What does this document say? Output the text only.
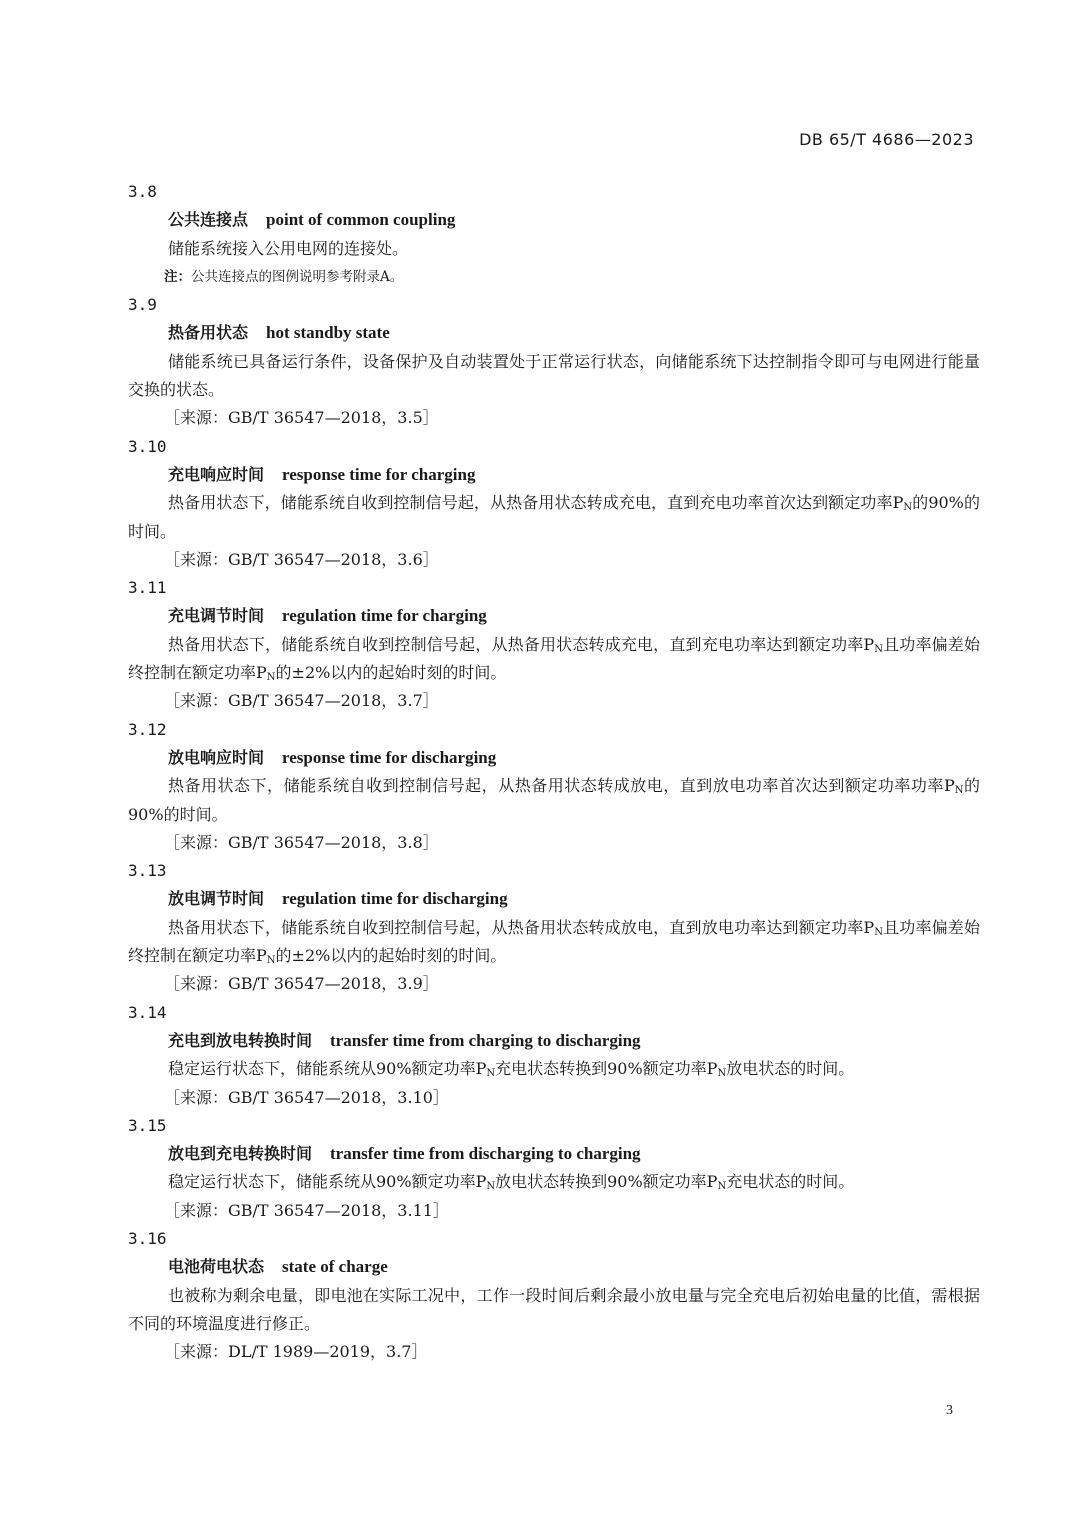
DB 65/T 4686—2023
3.8
公共连接点 point of common coupling
储能系统接入公用电网的连接处。
注：公共连接点的图例说明参考附录A。
3.9
热备用状态 hot standby state
储能系统已具备运行条件，设备保护及自动装置处于正常运行状态，向储能系统下达控制指令即可与电网进行能量交换的状态。
［来源：GB/T 36547—2018，3.5］
3.10
充电响应时间 response time for charging
热备用状态下，储能系统自收到控制信号起，从热备用状态转成充电，直到充电功率首次达到额定功率$P_N$的90%的时间。
［来源：GB/T 36547—2018，3.6］
3.11
充电调节时间 regulation time for charging
热备用状态下，储能系统自收到控制信号起，从热备用状态转成充电，直到充电功率达到额定功率$P_N$且功率偏差始终控制在额定功率$P_N$的±2%以内的起始时刻的时间。
［来源：GB/T 36547—2018，3.7］
3.12
放电响应时间 response time for discharging
热备用状态下，储能系统自收到控制信号起，从热备用状态转成放电，直到放电功率首次达到额定功率功率$P_N$的90%的时间。
［来源：GB/T 36547—2018，3.8］
3.13
放电调节时间 regulation time for discharging
热备用状态下，储能系统自收到控制信号起，从热备用状态转成放电，直到放电功率达到额定功率$P_N$且功率偏差始终控制在额定功率$P_N$的±2%以内的起始时刻的时间。
［来源：GB/T 36547—2018，3.9］
3.14
充电到放电转换时间 transfer time from charging to discharging
稳定运行状态下，储能系统从90%额定功率$P_N$充电状态转换到90%额定功率$P_N$放电状态的时间。
［来源：GB/T 36547—2018，3.10］
3.15
放电到充电转换时间 transfer time from discharging to charging
稳定运行状态下，储能系统从90%额定功率$P_N$放电状态转换到90%额定功率$P_N$充电状态的时间。
［来源：GB/T 36547—2018，3.11］
3.16
电池荷电状态 state of charge
也被称为剩余电量，即电池在实际工况中，工作一段时间后剩余最小放电量与完全充电后初始电量的比值，需根据不同的环境温度进行修正。
［来源：DL/T 1989—2019，3.7］
3
